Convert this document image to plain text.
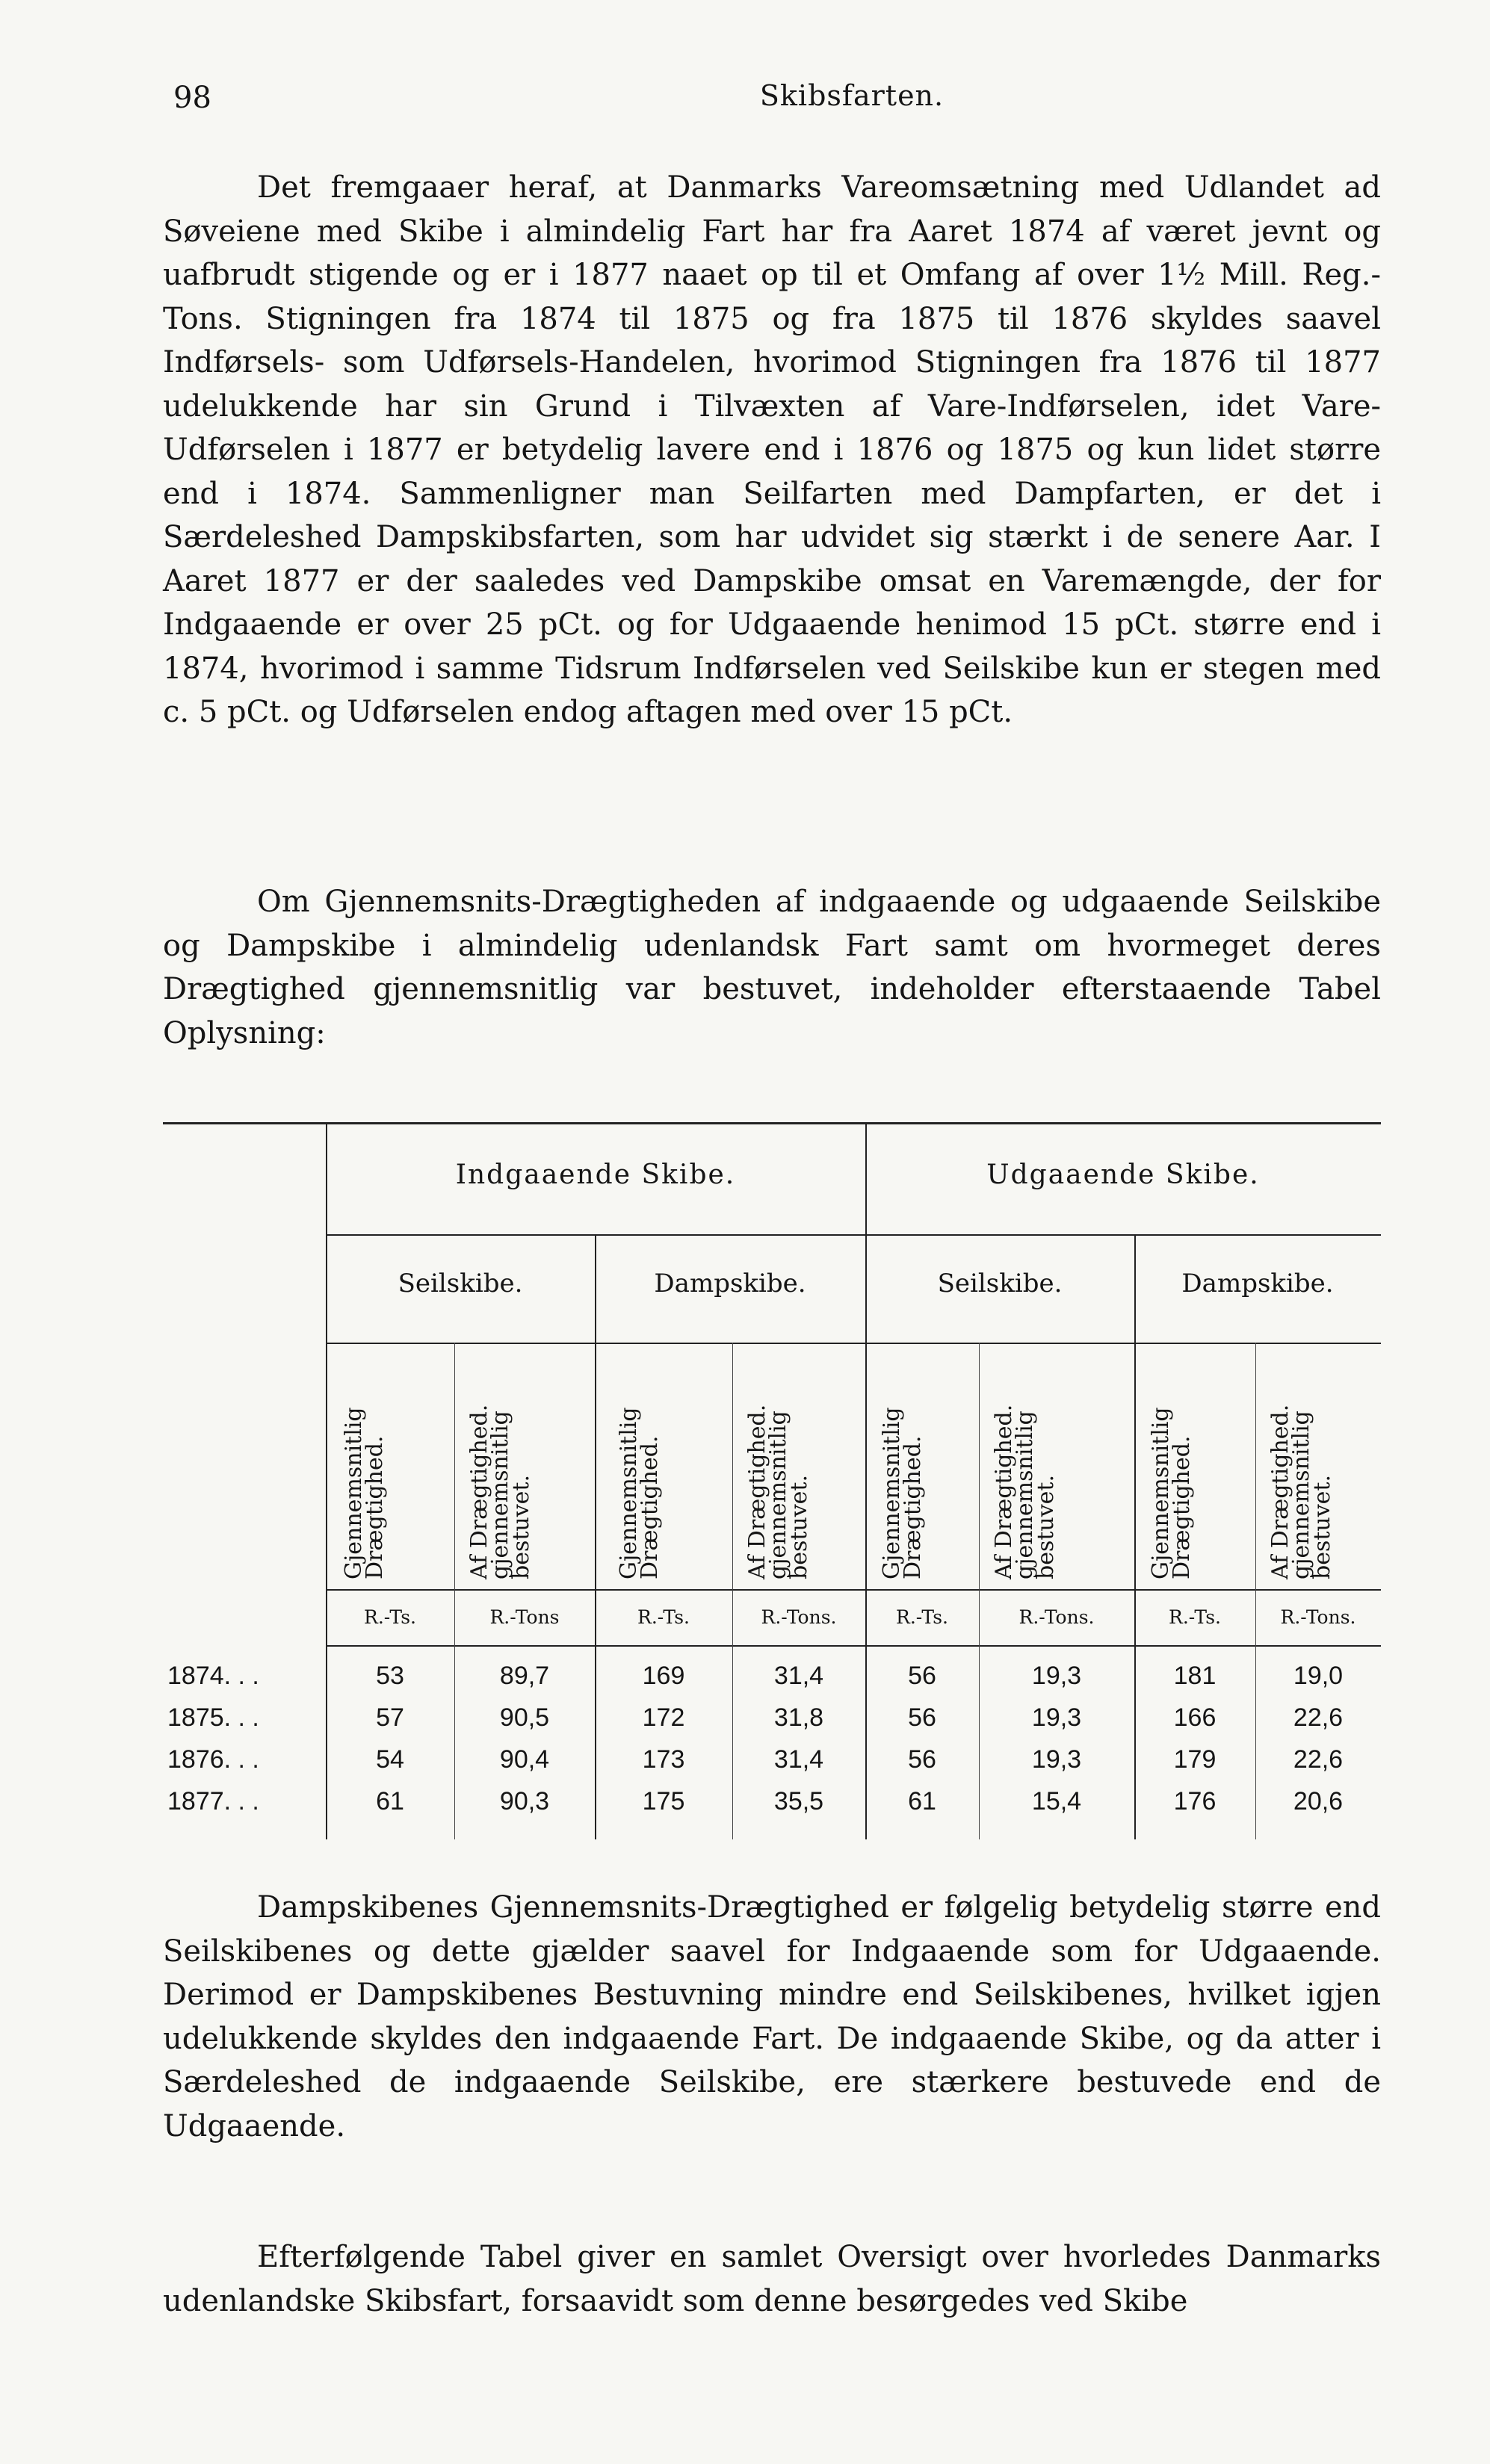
98	Skibsfarten.

Det fremgaaer heraf, at Danmarks Vareomsætning med Udlandet ad Søveiene med Skibe i almindelig Fart har fra Aaret 1874 af været jevnt og uafbrudt stigende og er i 1877 naaet op til et Omfang af over 1½ Mill. Reg.-Tons. Stigningen fra 1874 til 1875 og fra 1875 til 1876 skyldes saavel Indførsels- som Udførsels-Handelen, hvorimod Stigningen fra 1876 til 1877 udelukkende har sin Grund i Tilvæxten af Vare-Indførselen, idet Vare-Udførselen i 1877 er betydelig lavere end i 1876 og 1875 og kun lidet større end i 1874. Sammenligner man Seilfarten med Dampfarten, er det i Særdeleshed Dampskibsfarten, som har udvidet sig stærkt i de senere Aar. I Aaret 1877 er der saaledes ved Dampskibe omsat en Varemængde, der for Indgaaende er over 25 pCt. og for Udgaaende henimod 15 pCt. større end i 1874, hvorimod i samme Tidsrum Indførselen ved Seilskibe kun er stegen med c. 5 pCt. og Udførselen endog aftagen med over 15 pCt.

Om Gjennemsnits-Drægtigheden af indgaaende og udgaaende Seilskibe og Dampskibe i almindelig udenlandsk Fart samt om hvormeget deres Drægtighed gjennemsnitlig var bestuvet, indeholder efterstaaende Tabel Oplysning:

Indgaaende Skibe.	Udgaaende Skibe.
Seilskibe.	Dampskibe.	Seilskibe.	Dampskibe.
Gjennemsnitlig Drægtighed.	Af Drægtighed. gjennemsnitlig bestuvet.	Gjennemsnitlig Drægtighed.	Af Drægtighed. gjennemsnitlig bestuvet.	Gjennemsnitlig Drægtighed.	Af Drægtighed. gjennemsnitlig bestuvet.	Gjennemsnitlig Drægtighed.	Af Drægtighed. gjennemsnitlig bestuvet.
R.-Ts.	R.-Tons	R.-Ts.	R.-Tons.	R.-Ts.	R.-Tons.	R.-Ts.	R.-Tons.
1874. . .	53	89,7	169	31,4	56	19,3	181	19,0
1875. . .	57	90,5	172	31,8	56	19,3	166	22,6
1876. . .	54	90,4	173	31,4	56	19,3	179	22,6
1877. . .	61	90,3	175	35,5	61	15,4	176	20,6

Dampskibenes Gjennemsnits-Drægtighed er følgelig betydelig større end Seilskibenes og dette gjælder saavel for Indgaaende som for Udgaaende. Derimod er Dampskibenes Bestuvning mindre end Seilskibenes, hvilket igjen udelukkende skyldes den indgaaende Fart. De indgaaende Skibe, og da atter i Særdeleshed de indgaaende Seilskibe, ere stærkere bestuvede end de Udgaaende.

Efterfølgende Tabel giver en samlet Oversigt over hvorledes Danmarks udenlandske Skibsfart, forsaavidt som denne besørgedes ved Skibe
